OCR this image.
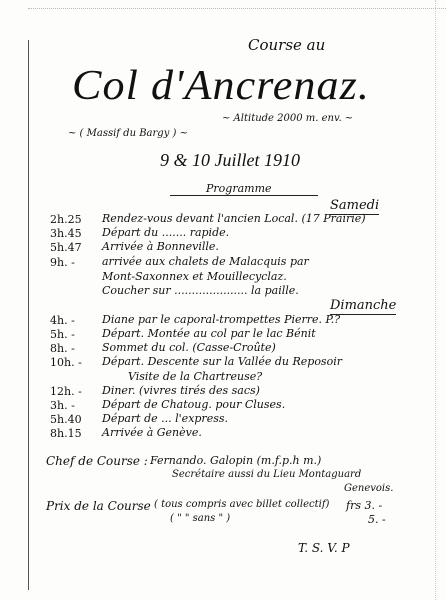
Course au
Col d'Ancrenaz.
~ Altitude 2000 m. env. ~
~ ( Massif du Bargy ) ~
9 & 10 Juillet 1910
Programme
Samedi
2h.25 Rendez-vous devant l'ancien Local. (17 Prairie)
3h.45 Départ du ....... rapide.
5h.47 Arrivée à Bonneville.
9h. - arrivée aux chalets de Malacquis par
Mont-Saxonnex et Mouillecyclaz.
Coucher sur ..................... la paille.
Dimanche
4h. - Diane par le caporal-trompettes Pierre. P.?
5h. - Départ. Montée au col par le lac Bénit
8h. - Sommet du col. (Casse-Croûte)
10h. - Départ. Descente sur la Vallée du Reposoir
Visite de la Chartreuse?
12h. - Diner. (vivres tirés des sacs)
3h. - Départ de Chatoug. pour Cluses.
5h.40 Départ de ... l'express.
8h.15 Arrivée à Genève.
Chef de Course : Fernando. Galopin (m.f.p.h m.)
Secrétaire aussi du Lieu Montaguard
Genevois.
Prix de la Course ( tous compris avec billet collectif) frs 3. -
( " " sans " )	5. -
T. S. V. P
